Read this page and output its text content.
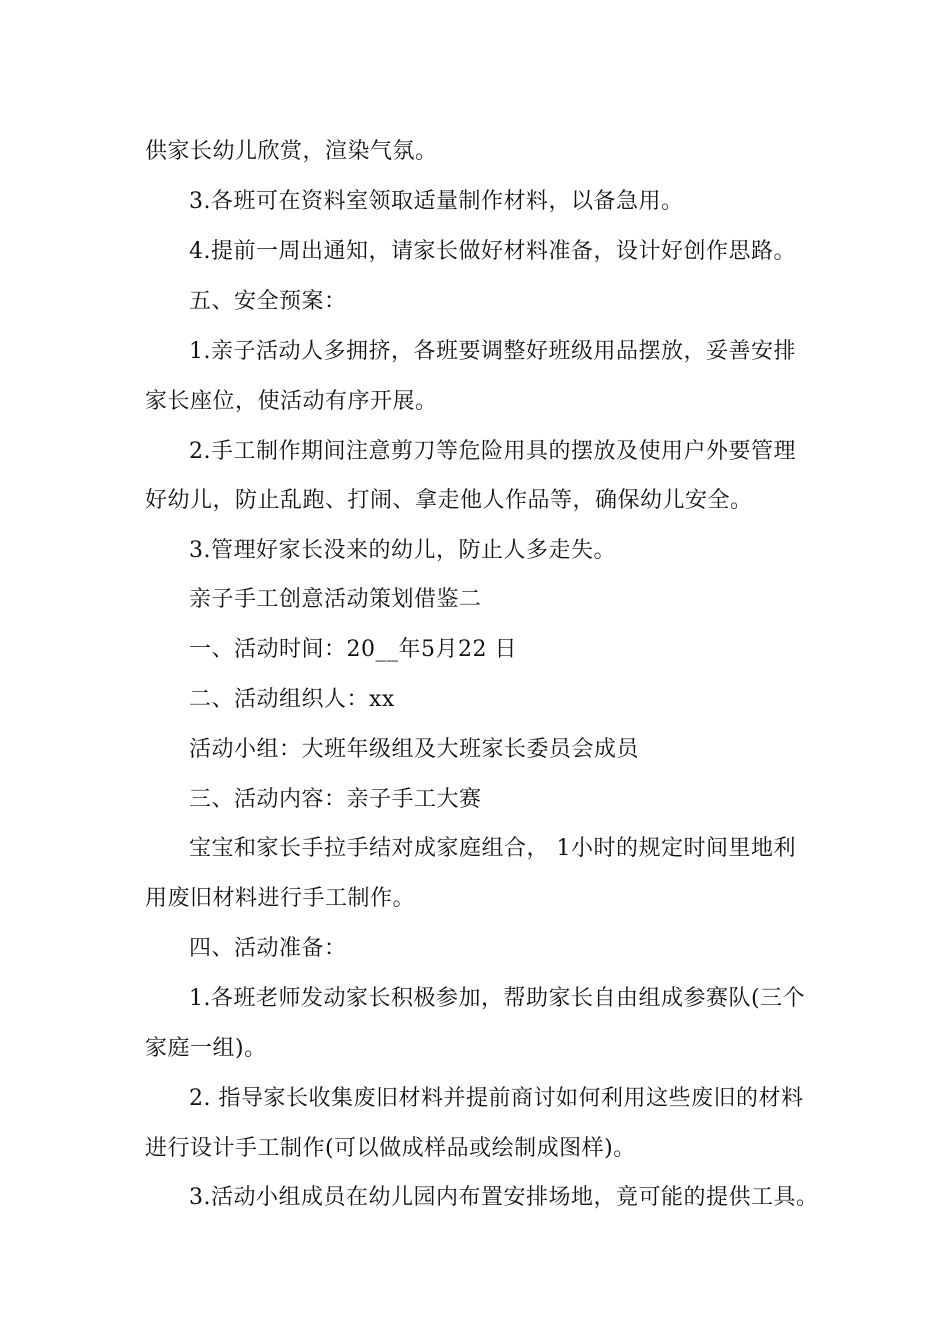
供家长幼儿欣赏，渲染气氛。

3.各班可在资料室领取适量制作材料，以备急用。

4.提前一周出通知，请家长做好材料准备，设计好创作思路。

五、安全预案：

1.亲子活动人多拥挤，各班要调整好班级用品摆放，妥善安排

家长座位，使活动有序开展。

2.手工制作期间注意剪刀等危险用具的摆放及使用户外要管理

好幼儿，防止乱跑、打闹、拿走他人作品等，确保幼儿安全。

3.管理好家长没来的幼儿，防止人多走失。

亲子手工创意活动策划借鉴二

一、活动时间：20__年5月22 日

二、活动组织人：xx

活动小组：大班年级组及大班家长委员会成员

三、活动内容：亲子手工大赛

宝宝和家长手拉手结对成家庭组合， 1小时的规定时间里地利

用废旧材料进行手工制作。

四、活动准备：

1.各班老师发动家长积极参加，帮助家长自由组成参赛队(三个

家庭一组)。

2. 指导家长收集废旧材料并提前商讨如何利用这些废旧的材料

进行设计手工制作(可以做成样品或绘制成图样)。

3.活动小组成员在幼儿园内布置安排场地，竟可能的提供工具。
